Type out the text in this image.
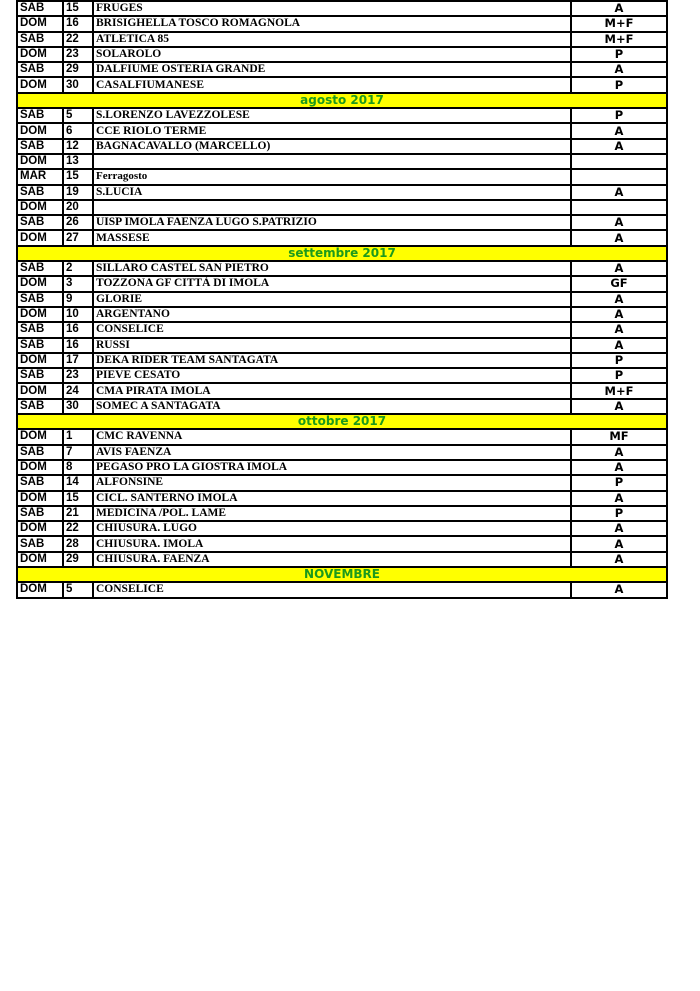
SAB	15	FRUGES	A
DOM	16	BRISIGHELLA TOSCO ROMAGNOLA	M+F
SAB	22	ATLETICA 85	M+F
DOM	23	SOLAROLO	P
SAB	29	DALFIUME OSTERIA GRANDE	A
DOM	30	CASALFIUMANESE	P
agosto 2017			
SAB	5	S.LORENZO LAVEZZOLESE	P
DOM	6	CCE RIOLO TERME	A
SAB	12	BAGNACAVALLO (MARCELLO)	A
DOM	13		
MAR	15	Ferragosto	
SAB	19	S.LUCIA	A
DOM	20		
SAB	26	UISP IMOLA FAENZA LUGO S.PATRIZIO	A
DOM	27	MASSESE	A
settembre 2017			
SAB	2	SILLARO CASTEL SAN PIETRO	A
DOM	3	TOZZONA GF CITTÀ DI IMOLA	GF
SAB	9	GLORIE	A
DOM	10	ARGENTANO	A
SAB	16	CONSELICE	A
SAB	16	RUSSI	A
DOM	17	DEKA RIDER TEAM SANTAGATA	P
SAB	23	PIEVE CESATO	P
DOM	24	CMA PIRATA IMOLA	M+F
SAB	30	SOMEC A SANTAGATA	A
ottobre 2017			
DOM	1	CMC RAVENNA	MF
SAB	7	AVIS FAENZA	A
DOM	8	PEGASO PRO LA GIOSTRA IMOLA	A
SAB	14	ALFONSINE	P
DOM	15	CICL. SANTERNO IMOLA	A
SAB	21	MEDICINA /POL. LAME	P
DOM	22	CHIUSURA. LUGO	A
SAB	28	CHIUSURA. IMOLA	A
DOM	29	CHIUSURA. FAENZA	A
NOVEMBRE			
DOM	5	CONSELICE	A
